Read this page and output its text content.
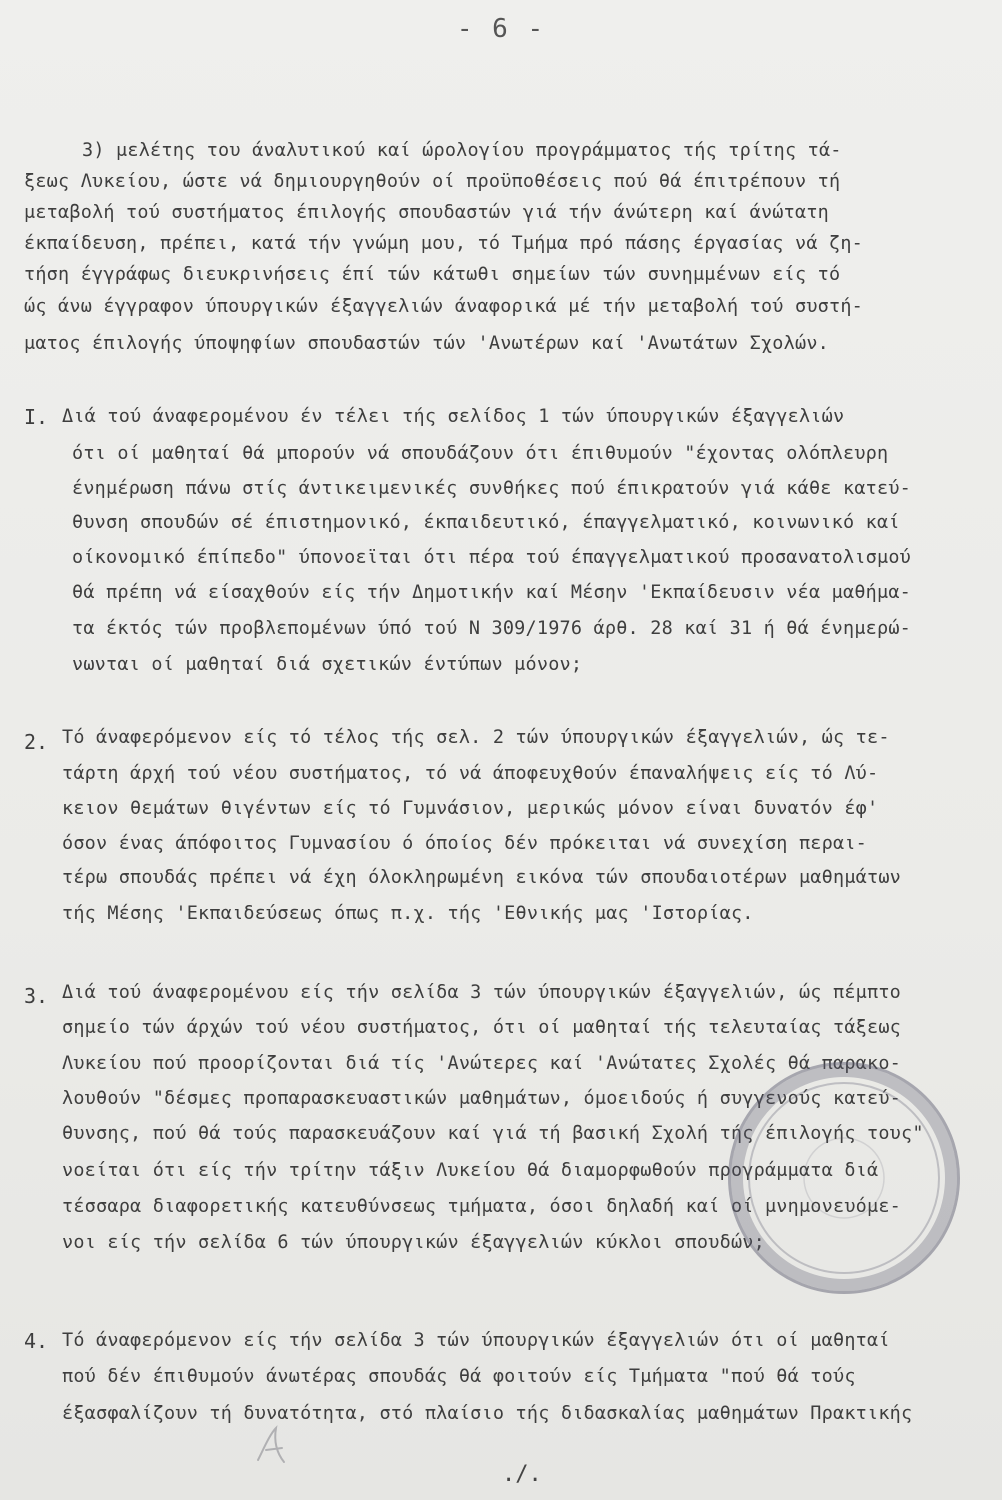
- 6 -
3) μελέτης του άναλυτικού καί ώρολογίου προγράμματος τής τρίτης τά-
ξεως Λυκείου, ώστε νά δημιουργηθούν οί προϋποθέσεις πού θά έπιτρέπουν τή
μεταβολή τού συστήματος έπιλογής σπουδαστών γιά τήν άνώτερη καί άνώτατη
έκπαίδευση, πρέπει, κατά τήν γνώμη μου, τό Τμήμα πρό πάσης έργασίας νά ζη-
τήση έγγράφως διευκρινήσεις έπί τών κάτωθι σημείων τών συνημμένων είς τό
ώς άνω έγγραφον ύπουργικών έξαγγελιών άναφορικά μέ τήν μεταβολή τού συστή-
ματος έπιλογής ύποψηφίων σπουδαστών τών 'Ανωτέρων καί 'Ανωτάτων Σχολών.
I. Διά τού άναφερομένου έν τέλει τής σελίδος 1 τών ύπουργικών έξαγγελιών
ότι οί μαθηταί θά μπορούν νά σπουδάζουν ότι έπιθυμούν "έχοντας ολόπλευρη
ένημέρωση πάνω στίς άντικειμενικές συνθήκες πού έπικρατούν γιά κάθε κατεύ-
θυνση σπουδών σέ έπιστημονικό, έκπαιδευτικό, έπαγγελματικό, κοινωνικό καί
οίκονομικό έπίπεδο" ύπονοεϊται ότι πέρα τού έπαγγελματικού προσανατολισμού
θά πρέπη νά είσαχθούν είς τήν Δημοτικήν καί Μέσην 'Εκπαίδευσιν νέα μαθήμα-
τα έκτός τών προβλεπομένων ύπό τού Ν 309/1976 άρθ. 28 καί 31 ή θά ένημερώ-
νωνται οί μαθηταί διά σχετικών έντύπων μόνον;
2. Τό άναφερόμενον είς τό τέλος τής σελ. 2 τών ύπουργικών έξαγγελιών, ώς τε-
τάρτη άρχή τού νέου συστήματος, τό νά άποφευχθούν έπαναλήψεις είς τό Λύ-
κειον θεμάτων θιγέντων είς τό Γυμνάσιον, μερικώς μόνον είναι δυνατόν έφ'
όσον ένας άπόφοιτος Γυμνασίου ό όποίος δέν πρόκειται νά συνεχίση περαι-
τέρω σπουδάς πρέπει νά έχη όλοκληρωμένη εικόνα τών σπουδαιοτέρων μαθημάτων
τής Μέσης 'Εκπαιδεύσεως όπως π.χ. τής 'Εθνικής μας 'Ιστορίας.
3. Διά τού άναφερομένου είς τήν σελίδα 3 τών ύπουργικών έξαγγελιών, ώς πέμπτο
σημείο τών άρχών τού νέου συστήματος, ότι οί μαθηταί τής τελευταίας τάξεως
Λυκείου πού προορίζονται διά τίς 'Ανώτερες καί 'Ανώτατες Σχολές θά παρακο-
λουθούν "δέσμες προπαρασκευαστικών μαθημάτων, όμοειδούς ή συγγενούς κατεύ-
θυνσης, πού θά τούς παρασκευάζουν καί γιά τή βασική Σχολή τής έπιλογής τους"
νοείται ότι είς τήν τρίτην τάξιν Λυκείου θά διαμορφωθούν προγράμματα διά
τέσσαρα διαφορετικής κατευθύνσεως τμήματα, όσοι δηλαδή καί οί μνημονευόμε-
νοι είς τήν σελίδα 6 τών ύπουργικών έξαγγελιών κύκλοι σπουδών;
4. Τό άναφερόμενον είς τήν σελίδα 3 τών ύπουργικών έξαγγελιών ότι οί μαθηταί
πού δέν έπιθυμούν άνωτέρας σπουδάς θά φοιτούν είς Τμήματα "πού θά τούς
έξασφαλίζουν τή δυνατότητα, στό πλαίσιο τής διδασκαλίας μαθημάτων Πρακτικής
./.
